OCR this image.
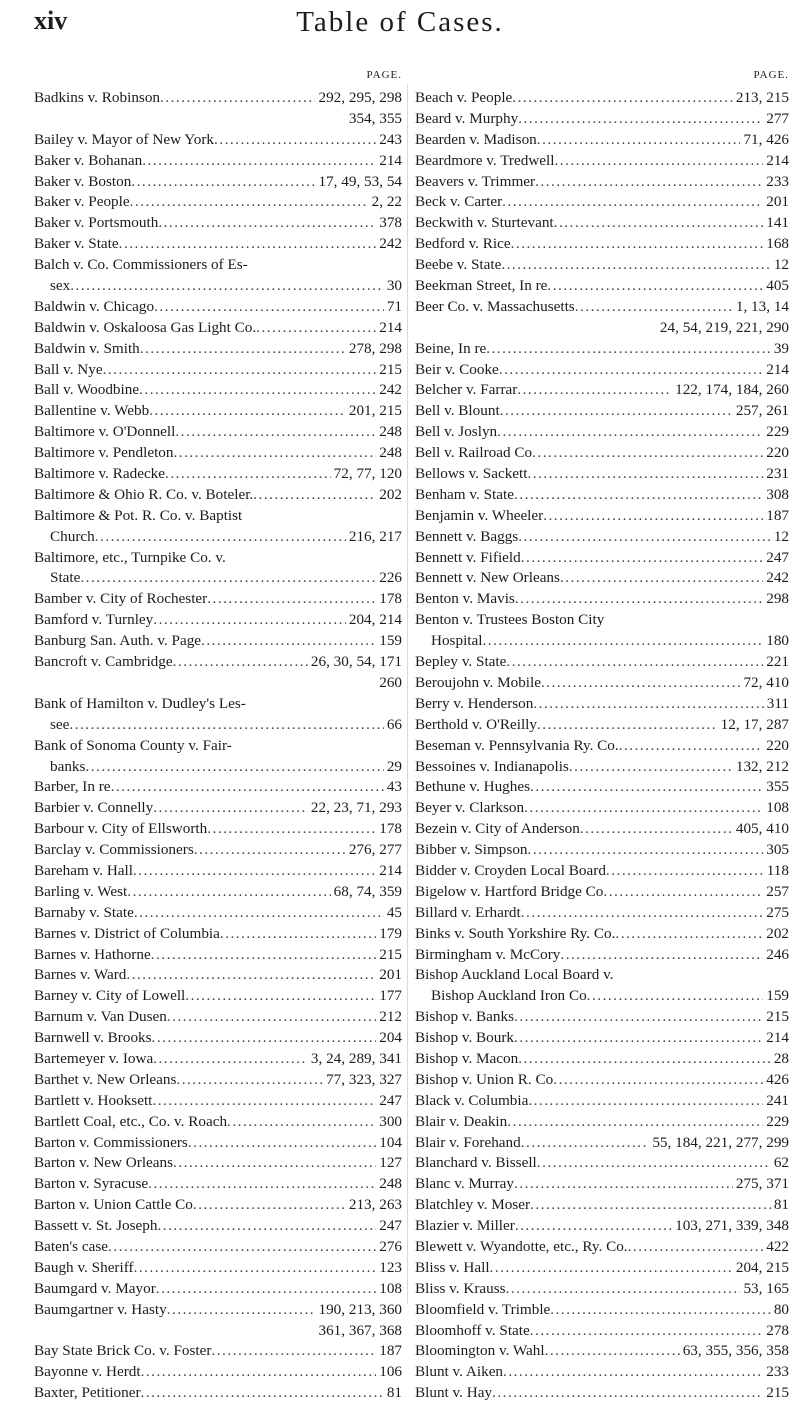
xiv	Table of Cases.
PAGE.
Badkins v. Robinson .....	292, 295, 298
354, 355
Bailey v. Mayor of New York .....	243
Baker v. Bohanan .....	214
Baker v. Boston .....	17, 49, 53, 54
Baker v. People .....	2, 22
Baker v. Portsmouth .....	378
Baker v. State .....	242
Balch v. Co. Commissioners of Es-
sex .....	30
Baldwin v. Chicago .....	71
Baldwin v. Oskaloosa Gas Light Co. .....	214
Baldwin v. Smith .....	278, 298
Ball v. Nye .....	215
Ball v. Woodbine .....	242
Ballentine v. Webb .....	201, 215
Baltimore v. O'Donnell .....	248
Baltimore v. Pendleton .....	248
Baltimore v. Radecke .....	72, 77, 120
Baltimore & Ohio R. Co. v. Boteler. .....	202
Baltimore & Pot. R. Co. v. Baptist
Church .....	216, 217
Baltimore, etc., Turnpike Co. v.
State .....	226
Bamber v. City of Rochester .....	178
Bamford v. Turnley .....	204, 214
Banburg San. Auth. v. Page .....	159
Bancroft v. Cambridge .....	26, 30, 54, 171
260
Bank of Hamilton v. Dudley's Les-
see .....	66
Bank of Sonoma County v. Fair-
banks .....	29
Barber, In re .....	43
Barbier v. Connelly .....	22, 23, 71, 293
Barbour v. City of Ellsworth .....	178
Barclay v. Commissioners .....	276, 277
Bareham v. Hall .....	214
Barling v. West .....	68, 74, 359
Barnaby v. State .....	45
Barnes v. District of Columbia .....	179
Barnes v. Hathorne .....	215
Barnes v. Ward .....	201
Barney v. City of Lowell .....	177
Barnum v. Van Dusen .....	212
Barnwell v. Brooks .....	204
Bartemeyer v. Iowa .....	3, 24, 289, 341
Barthet v. New Orleans .....	77, 323, 327
Bartlett v. Hooksett .....	247
Bartlett Coal, etc., Co. v. Roach .....	300
Barton v. Commissioners .....	104
Barton v. New Orleans .....	127
Barton v. Syracuse .....	248
Barton v. Union Cattle Co .....	213, 263
Bassett v. St. Joseph .....	247
Baten's case .....	276
Baugh v. Sheriff .....	123
Baumgard v. Mayor .....	108
Baumgartner v. Hasty .....	190, 213, 360
361, 367, 368
Bay State Brick Co. v. Foster .....	187
Bayonne v. Herdt .....	106
Baxter, Petitioner .....	81
PAGE.
Beach v. People .....	213, 215
Beard v. Murphy .....	277
Bearden v. Madison .....	71, 426
Beardmore v. Tredwell .....	214
Beavers v. Trimmer .....	233
Beck v. Carter .....	201
Beckwith v. Sturtevant .....	141
Bedford v. Rice .....	168
Beebe v. State .....	12
Beekman Street, In re .....	405
Beer Co. v. Massachusetts .....	1, 13, 14
24, 54, 219, 221, 290
Beine, In re .....	39
Beir v. Cooke .....	214
Belcher v. Farrar .....	122, 174, 184, 260
Bell v. Blount .....	257, 261
Bell v. Joslyn .....	229
Bell v. Railroad Co .....	220
Bellows v. Sackett .....	231
Benham v. State .....	308
Benjamin v. Wheeler .....	187
Bennett v. Baggs .....	12
Bennett v. Fifield .....	247
Bennett v. New Orleans .....	242
Benton v. Mavis .....	298
Benton v. Trustees Boston City
Hospital .....	180
Bepley v. State .....	221
Beroujohn v. Mobile .....	72, 410
Berry v. Henderson .....	311
Berthold v. O'Reilly .....	12, 17, 287
Beseman v. Pennsylvania Ry. Co. .....	220
Bessoines v. Indianapolis .....	132, 212
Bethune v. Hughes .....	355
Beyer v. Clarkson .....	108
Bezein v. City of Anderson .....	405, 410
Bibber v. Simpson .....	305
Bidder v. Croyden Local Board .....	118
Bigelow v. Hartford Bridge Co .....	257
Billard v. Erhardt .....	275
Binks v. South Yorkshire Ry. Co. .....	202
Birmingham v. McCory .....	246
Bishop Auckland Local Board v.
Bishop Auckland Iron Co .....	159
Bishop v. Banks .....	215
Bishop v. Bourk .....	214
Bishop v. Macon .....	28
Bishop v. Union R. Co .....	426
Black v. Columbia .....	241
Blair v. Deakin .....	229
Blair v. Forehand .....	55, 184, 221, 277, 299
Blanchard v. Bissell .....	62
Blanc v. Murray .....	275, 371
Blatchley v. Moser .....	81
Blazier v. Miller .....	103, 271, 339, 348
Blewett v. Wyandotte, etc., Ry. Co. .....	422
Bliss v. Hall .....	204, 215
Bliss v. Krauss .....	53, 165
Bloomfield v. Trimble .....	80
Bloomhoff v. State .....	278
Bloomington v. Wahl .....	63, 355, 356, 358
Blunt v. Aiken .....	233
Blunt v. Hay .....	215
